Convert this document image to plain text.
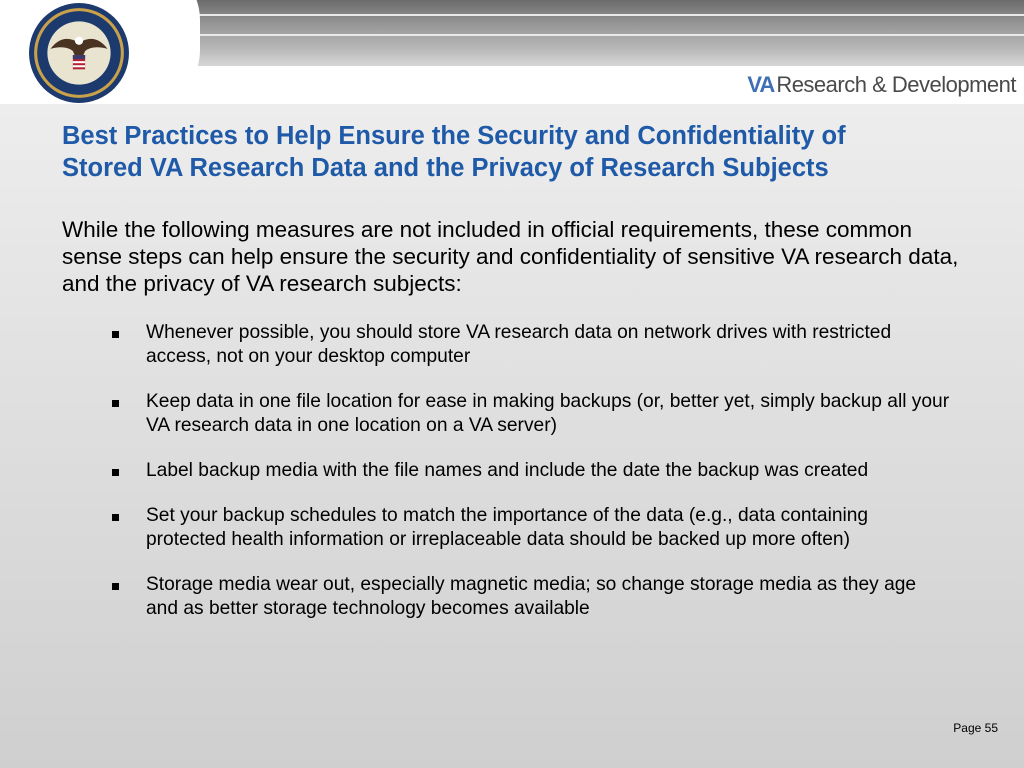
VA Research & Development
Best Practices to Help Ensure the Security and Confidentiality of
Stored VA Research Data and the Privacy of Research Subjects

While the following measures are not included in official requirements, these common sense steps can help ensure the security and confidentiality of sensitive VA research data, and the privacy of VA research subjects:

Whenever possible, you should store VA research data on network drives with restricted access, not on your desktop computer
Keep data in one file location for ease in making backups (or, better yet, simply backup all your VA research data in one location on a VA server)
Label backup media with the file names and include the date the backup was created
Set your backup schedules to match the importance of the data (e.g., data containing protected health information or irreplaceable data should be backed up more often)
Storage media wear out, especially magnetic media; so change storage media as they age and as better storage technology becomes available
Page 55
